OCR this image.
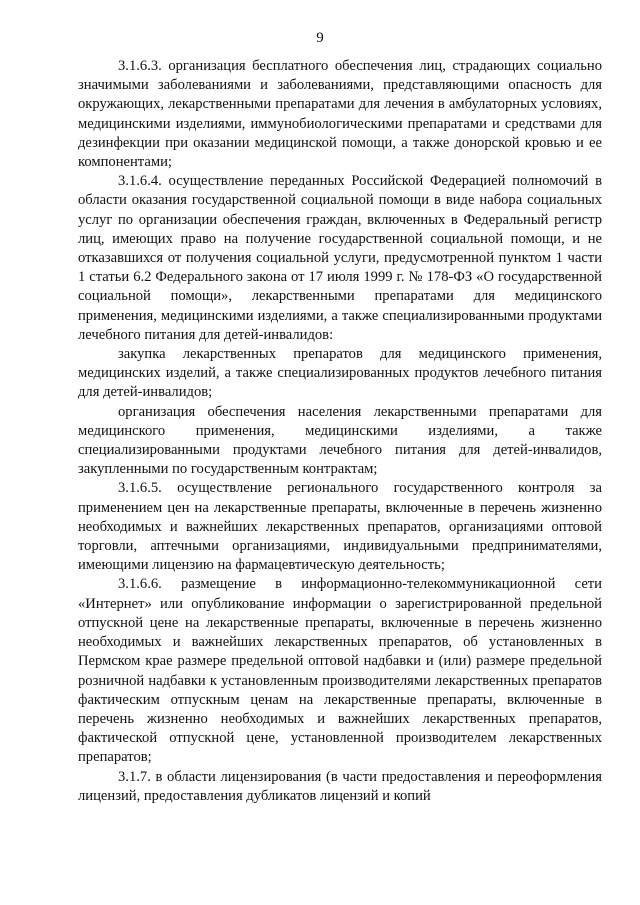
9

3.1.6.3. организация бесплатного обеспечения лиц, страдающих социально значимыми заболеваниями и заболеваниями, представляющими опасность для окружающих, лекарственными препаратами для лечения в амбулаторных условиях, медицинскими изделиями, иммунобиологическими препаратами и средствами для дезинфекции при оказании медицинской помощи, а также донорской кровью и ее компонентами;

3.1.6.4. осуществление переданных Российской Федерацией полномочий в области оказания государственной социальной помощи в виде набора социальных услуг по организации обеспечения граждан, включенных в Федеральный регистр лиц, имеющих право на получение государственной социальной помощи, и не отказавшихся от получения социальной услуги, предусмотренной пунктом 1 части 1 статьи 6.2 Федерального закона от 17 июля 1999 г. № 178-ФЗ «О государственной социальной помощи», лекарственными препаратами для медицинского применения, медицинскими изделиями, а также специализированными продуктами лечебного питания для детей-инвалидов:

закупка лекарственных препаратов для медицинского применения, медицинских изделий, а также специализированных продуктов лечебного питания для детей-инвалидов;

организация обеспечения населения лекарственными препаратами для медицинского применения, медицинскими изделиями, а также специализированными продуктами лечебного питания для детей-инвалидов, закупленными по государственным контрактам;

3.1.6.5. осуществление регионального государственного контроля за применением цен на лекарственные препараты, включенные в перечень жизненно необходимых и важнейших лекарственных препаратов, организациями оптовой торговли, аптечными организациями, индивидуальными предпринимателями, имеющими лицензию на фармацевтическую деятельность;

3.1.6.6. размещение в информационно-телекоммуникационной сети «Интернет» или опубликование информации о зарегистрированной предельной отпускной цене на лекарственные препараты, включенные в перечень жизненно необходимых и важнейших лекарственных препаратов, об установленных в Пермском крае размере предельной оптовой надбавки и (или) размере предельной розничной надбавки к установленным производителями лекарственных препаратов фактическим отпускным ценам на лекарственные препараты, включенные в перечень жизненно необходимых и важнейших лекарственных препаратов, фактической отпускной цене, установленной производителем лекарственных препаратов;

3.1.7. в области лицензирования (в части предоставления и переоформления лицензий, предоставления дубликатов лицензий и копий
